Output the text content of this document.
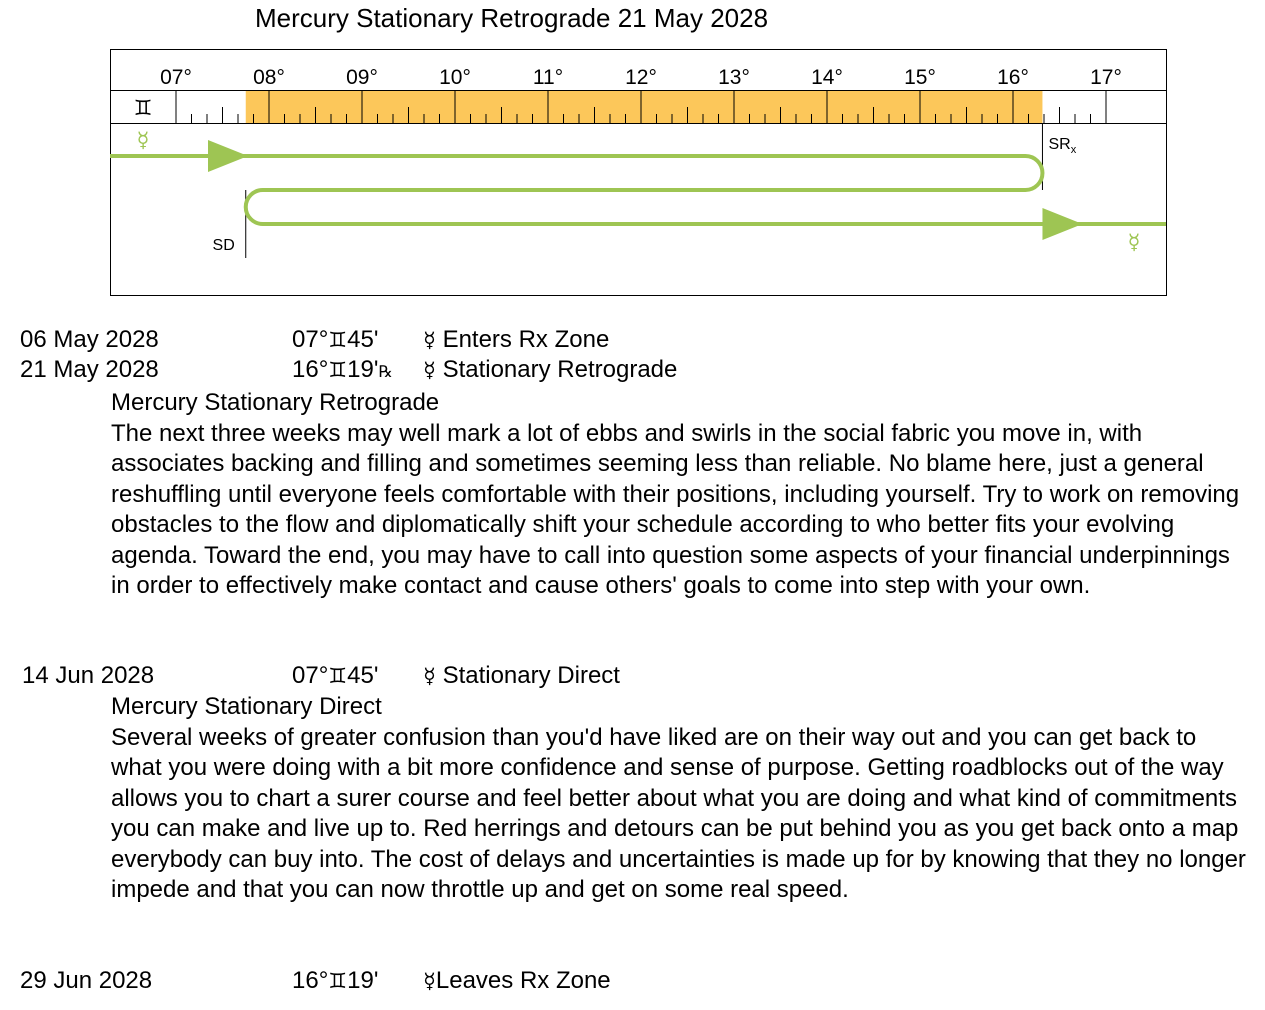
Mercury Stationary Retrograde 21 May 2028
07°	08°	09°	10°	11°	12°	13°	14°	15°	16°	17°
♊
☿
☿
$SR_x$
SD
06 May 2028	07°♊45' ☿ Enters Rx Zone
21 May 2028	16°♊19'℞ ☿ Stationary Retrograde
Mercury Stationary Retrograde
The next three weeks may well mark a lot of ebbs and swirls in the social fabric you move in, with associates backing and filling and sometimes seeming less than reliable. No blame here, just a general reshuffling until everyone feels comfortable with their positions, including yourself. Try to work on removing obstacles to the flow and diplomatically shift your schedule according to who better fits your evolving agenda. Toward the end, you may have to call into question some aspects of your financial underpinnings in order to effectively make contact and cause others' goals to come into step with your own.
14 Jun 2028	07°♊45' ☿ Stationary Direct
Mercury Stationary Direct
Several weeks of greater confusion than you'd have liked are on their way out and you can get back to what you were doing with a bit more confidence and sense of purpose. Getting roadblocks out of the way allows you to chart a surer course and feel better about what you are doing and what kind of commitments you can make and live up to. Red herrings and detours can be put behind you as you get back onto a map everybody can buy into. The cost of delays and uncertainties is made up for by knowing that they no longer impede and that you can now throttle up and get on some real speed.
29 Jun 2028	16°♊19' ☿Leaves Rx Zone
